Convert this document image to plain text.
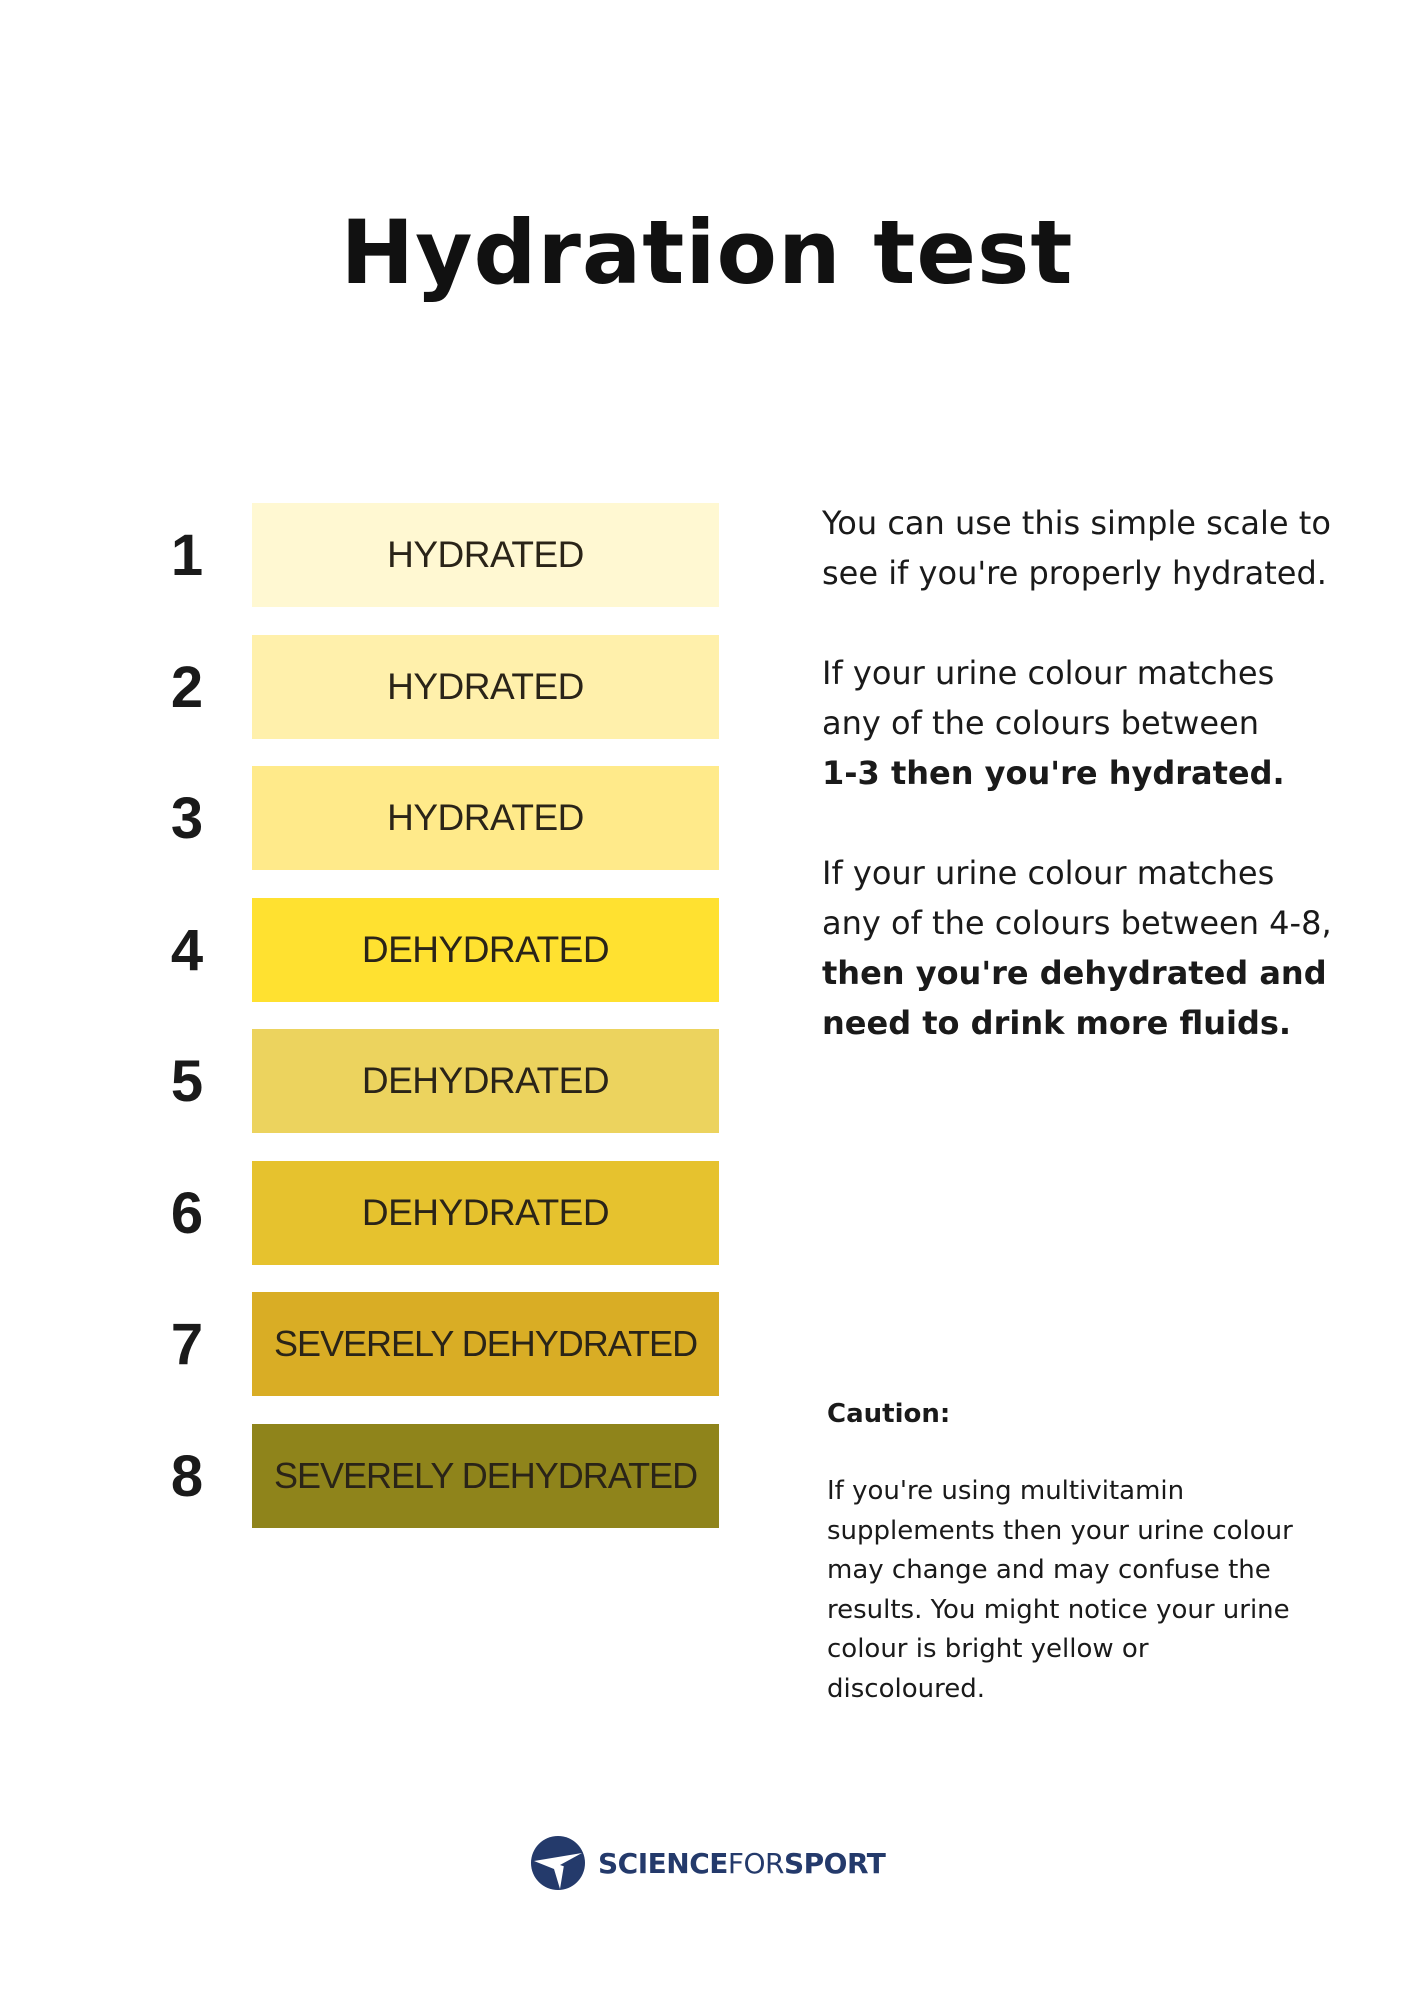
Hydration test
1	HYDRATED
2	HYDRATED
3	HYDRATED
4	DEHYDRATED
5	DEHYDRATED
6	DEHYDRATED
7	SEVERELY DEHYDRATED
8	SEVERELY DEHYDRATED

You can use this simple scale to see if you're properly hydrated.

If your urine colour matches any of the colours between
1-3 then you're hydrated.

If your urine colour matches any of the colours between 4-8, then you're dehydrated and need to drink more fluids.

Caution:

If you're using multivitamin supplements then your urine colour may change and may confuse the results. You might notice your urine colour is bright yellow or discoloured.

SCIENCEFORSPORT
